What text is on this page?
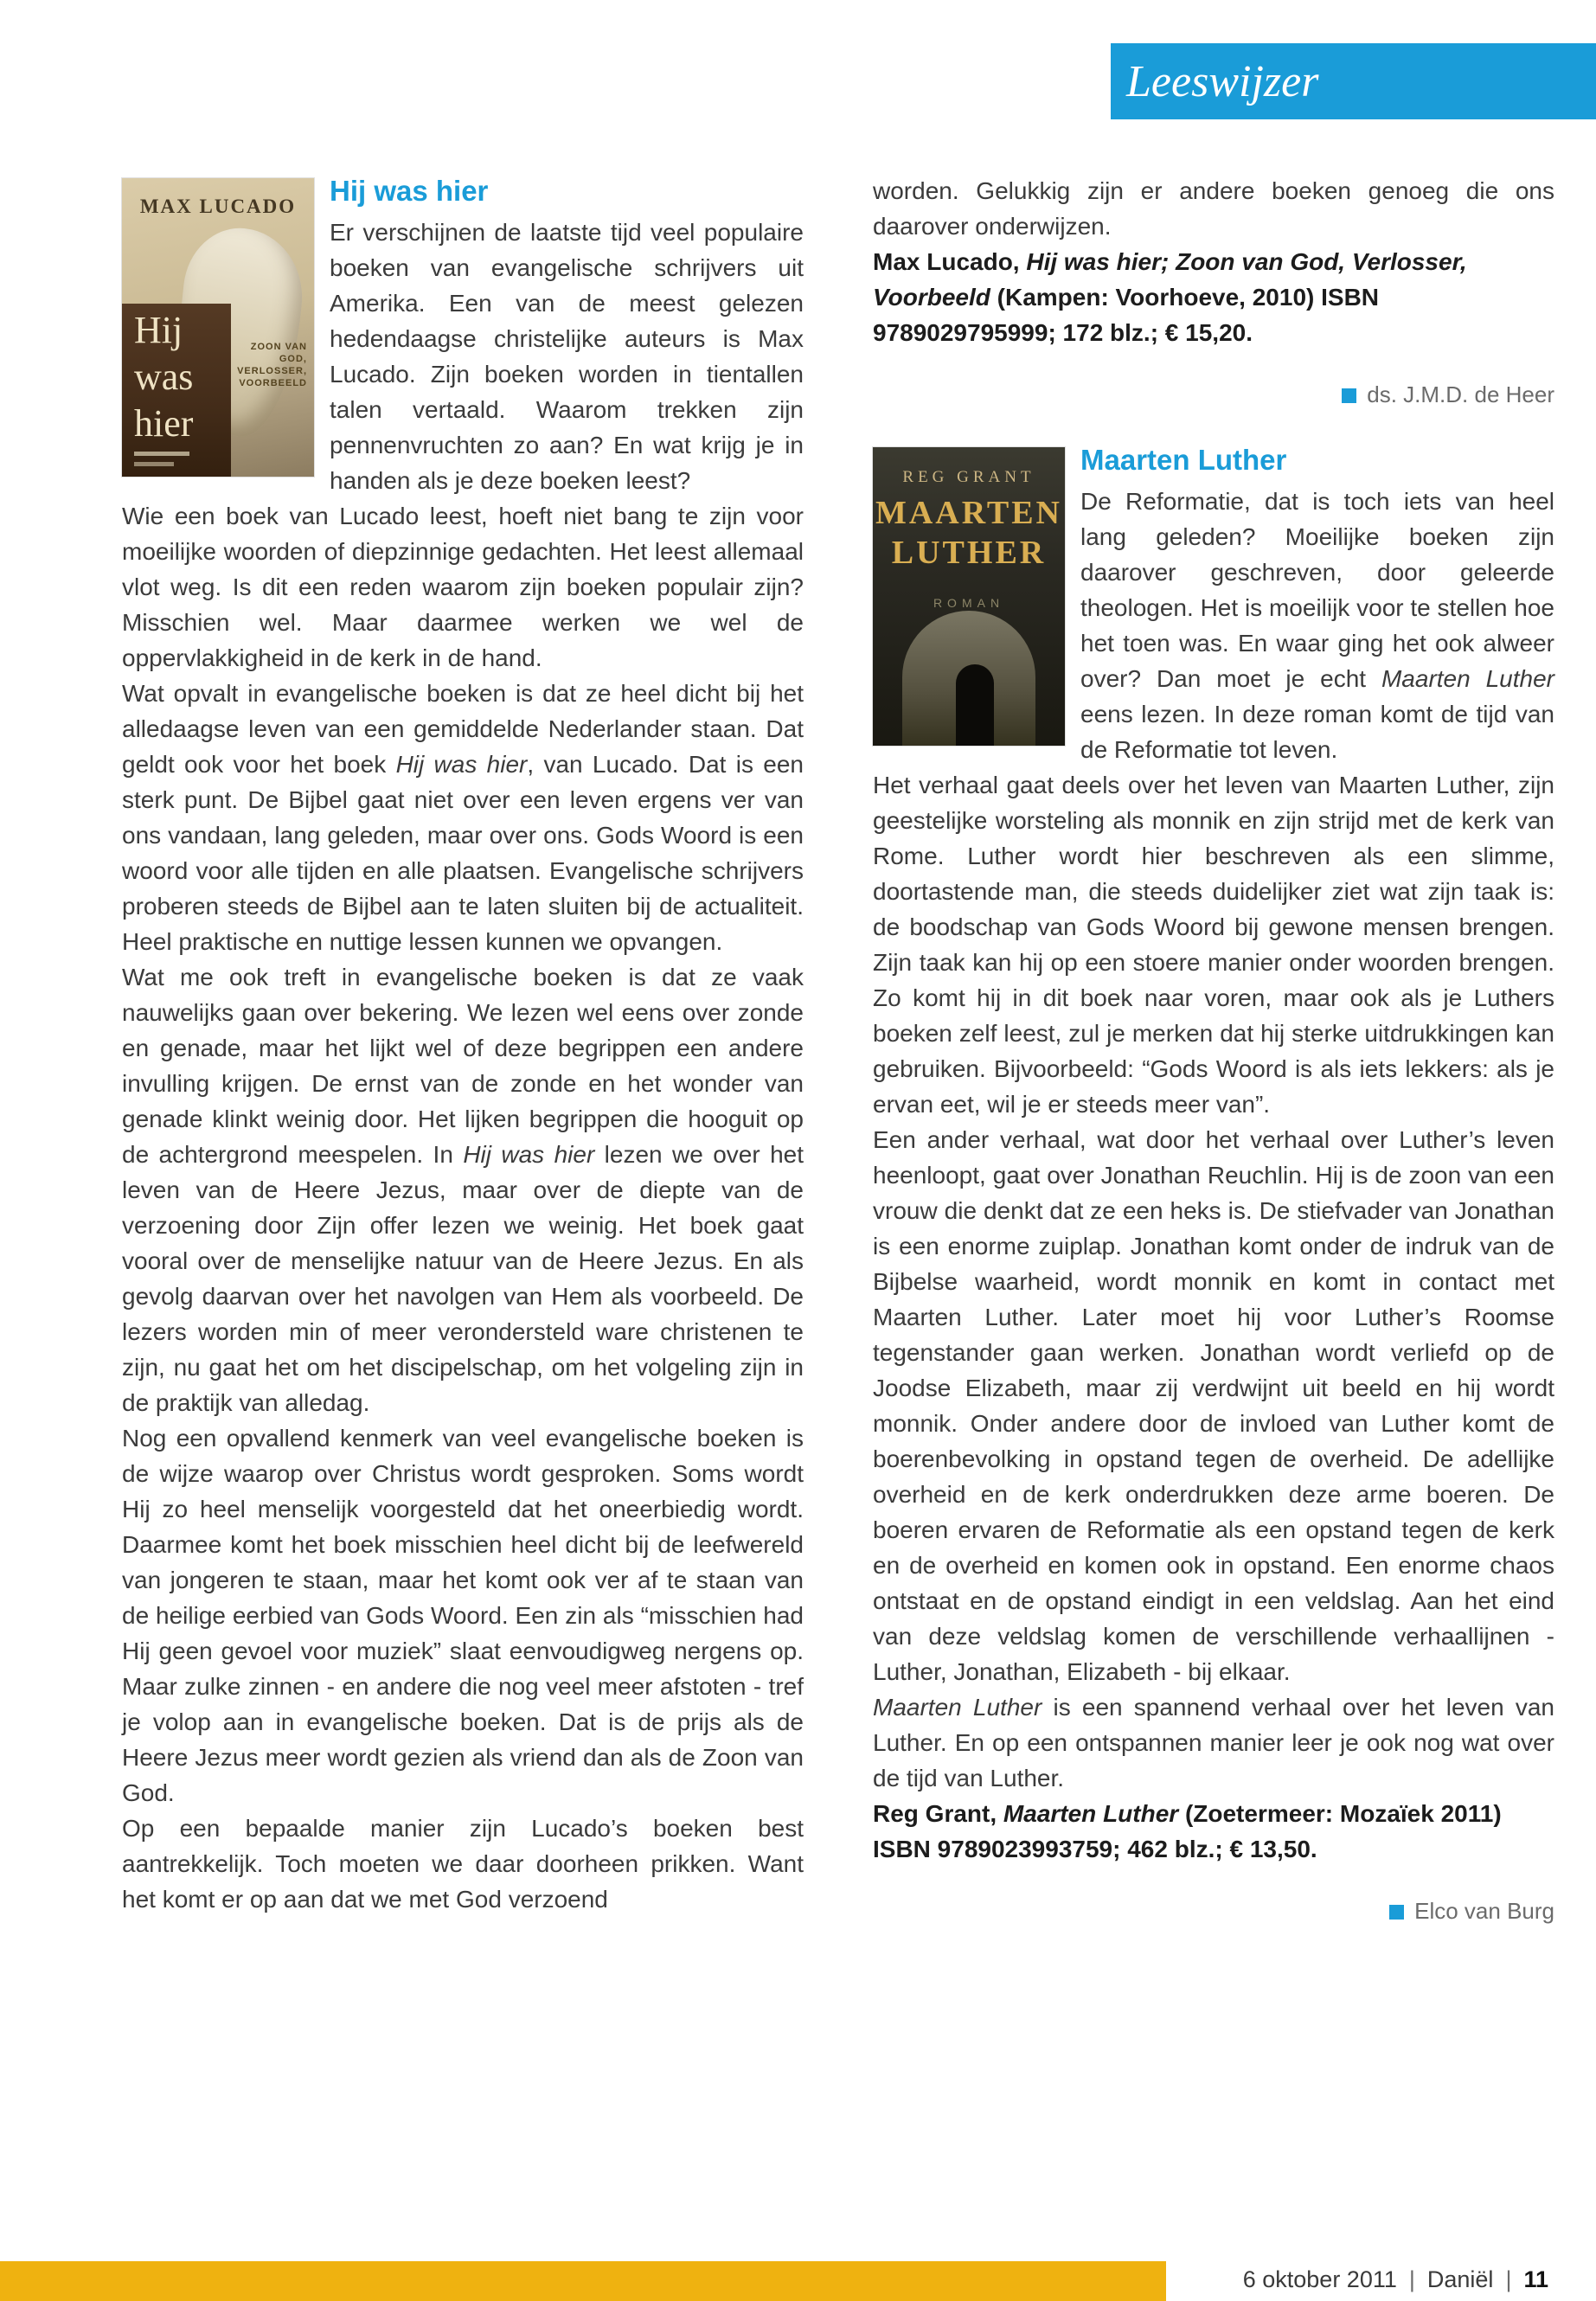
Leeswijzer
MAX LUCADO
ZOON VAN GOD,
VERLOSSER,
VOORBEELD
Hij
was
hier
Hij was hier

Er verschijnen de laatste tijd veel populaire boeken van evangelische schrijvers uit Amerika. Een van de meest gelezen hedendaagse christelijke auteurs is Max Lucado. Zijn boeken worden in tientallen talen vertaald. Waarom trekken zijn pennenvruchten zo aan? En wat krijg je in handen als je deze boeken leest?

Wie een boek van Lucado leest, hoeft niet bang te zijn voor moeilijke woorden of diepzinnige gedachten. Het leest allemaal vlot weg. Is dit een reden waarom zijn boeken populair zijn? Misschien wel. Maar daarmee werken we wel de oppervlakkigheid in de kerk in de hand.

Wat opvalt in evangelische boeken is dat ze heel dicht bij het alledaagse leven van een gemiddelde Nederlander staan. Dat geldt ook voor het boek Hij was hier, van Lucado. Dat is een sterk punt. De Bijbel gaat niet over een leven ergens ver van ons vandaan, lang geleden, maar over ons. Gods Woord is een woord voor alle tijden en alle plaatsen. Evangelische schrijvers proberen steeds de Bijbel aan te laten sluiten bij de actualiteit. Heel praktische en nuttige lessen kunnen we opvangen.

Wat me ook treft in evangelische boeken is dat ze vaak nauwelijks gaan over bekering. We lezen wel eens over zonde en genade, maar het lijkt wel of deze begrippen een andere invulling krijgen. De ernst van de zonde en het wonder van genade klinkt weinig door. Het lijken begrippen die hooguit op de achtergrond meespelen. In Hij was hier lezen we over het leven van de Heere Jezus, maar over de diepte van de verzoening door Zijn offer lezen we weinig. Het boek gaat vooral over de menselijke natuur van de Heere Jezus. En als gevolg daarvan over het navolgen van Hem als voorbeeld. De lezers worden min of meer verondersteld ware christenen te zijn, nu gaat het om het discipelschap, om het volgeling zijn in de praktijk van alledag.

Nog een opvallend kenmerk van veel evangelische boeken is de wijze waarop over Christus wordt gesproken. Soms wordt Hij zo heel menselijk voorgesteld dat het oneerbiedig wordt. Daarmee komt het boek misschien heel dicht bij de leefwereld van jongeren te staan, maar het komt ook ver af te staan van de heilige eerbied van Gods Woord. Een zin als “misschien had Hij geen gevoel voor muziek” slaat eenvoudigweg nergens op. Maar zulke zinnen - en andere die nog veel meer afstoten - tref je volop aan in evangelische boeken. Dat is de prijs als de Heere Jezus meer wordt gezien als vriend dan als de Zoon van God.

Op een bepaalde manier zijn Lucado’s boeken best aantrekkelijk. Toch moeten we daar doorheen prikken. Want het komt er op aan dat we met God verzoend

worden. Gelukkig zijn er andere boeken genoeg die ons daarover onderwijzen.

Max Lucado, Hij was hier; Zoon van God, Verlosser, Voorbeeld (Kampen: Voorhoeve, 2010) ISBN 9789029795999; 172 blz.; € 15,20.

ds. J.M.D. de Heer
REG GRANT
MAARTEN
LUTHER
ROMAN
Maarten Luther

De Reformatie, dat is toch iets van heel lang geleden? Moeilijke boeken zijn daarover geschreven, door geleerde theologen. Het is moeilijk voor te stellen hoe het toen was. En waar ging het ook alweer over? Dan moet je echt Maarten Luther eens lezen. In deze roman komt de tijd van de Reformatie tot leven.

Het verhaal gaat deels over het leven van Maarten Luther, zijn geestelijke worsteling als monnik en zijn strijd met de kerk van Rome. Luther wordt hier beschreven als een slimme, doortastende man, die steeds duidelijker ziet wat zijn taak is: de boodschap van Gods Woord bij gewone mensen brengen. Zijn taak kan hij op een stoere manier onder woorden brengen. Zo komt hij in dit boek naar voren, maar ook als je Luthers boeken zelf leest, zul je merken dat hij sterke uitdrukkingen kan gebruiken. Bijvoorbeeld: “Gods Woord is als iets lekkers: als je ervan eet, wil je er steeds meer van”.

Een ander verhaal, wat door het verhaal over Luther’s leven heenloopt, gaat over Jonathan Reuchlin. Hij is de zoon van een vrouw die denkt dat ze een heks is. De stiefvader van Jonathan is een enorme zuiplap. Jonathan komt onder de indruk van de Bijbelse waarheid, wordt monnik en komt in contact met Maarten Luther. Later moet hij voor Luther’s Roomse tegenstander gaan werken. Jonathan wordt verliefd op de Joodse Elizabeth, maar zij verdwijnt uit beeld en hij wordt monnik. Onder andere door de invloed van Luther komt de boerenbevolking in opstand tegen de overheid. De adellijke overheid en de kerk onderdrukken deze arme boeren. De boeren ervaren de Reformatie als een opstand tegen de kerk en de overheid en komen ook in opstand. Een enorme chaos ontstaat en de opstand eindigt in een veldslag. Aan het eind van deze veldslag komen de verschillende verhaallijnen - Luther, Jonathan, Elizabeth - bij elkaar.

Maarten Luther is een spannend verhaal over het leven van Luther. En op een ontspannen manier leer je ook nog wat over de tijd van Luther.

Reg Grant, Maarten Luther (Zoetermeer: Mozaïek 2011) ISBN 9789023993759; 462 blz.; € 13,50.

Elco van Burg
6 oktober 2011 | Daniël | 11
